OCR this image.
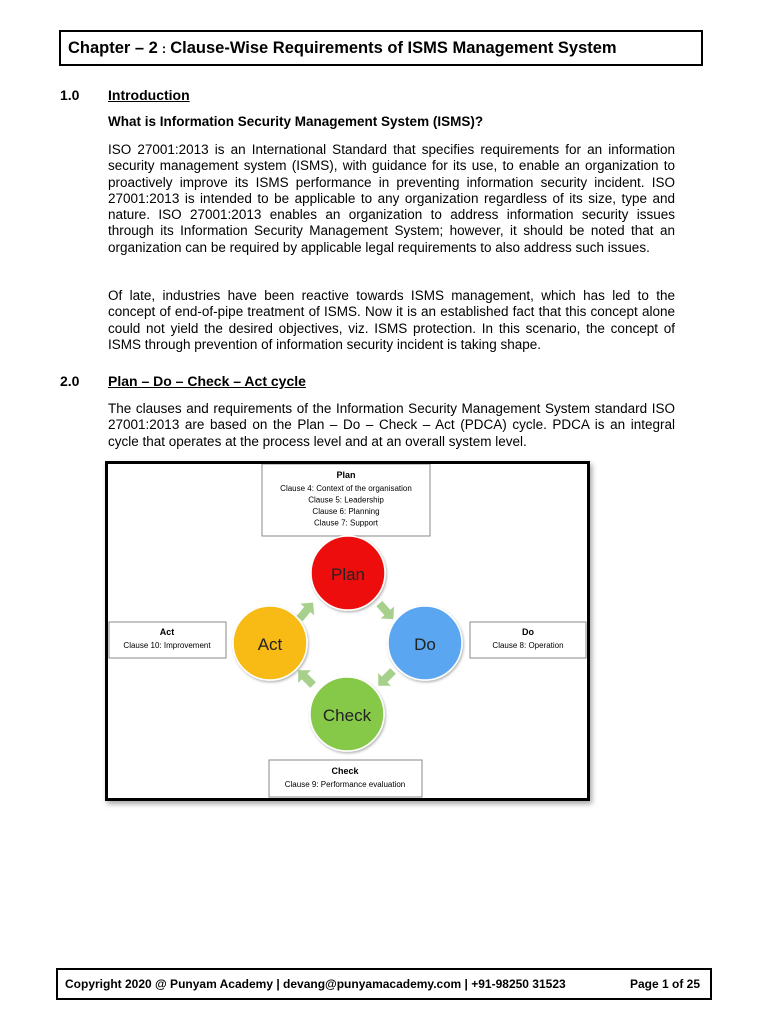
Chapter – 2 : Clause-Wise Requirements of ISMS Management System
1.0 Introduction
What is Information Security Management System (ISMS)?

ISO 27001:2013 is an International Standard that specifies requirements for an information security management system (ISMS), with guidance for its use, to enable an organization to proactively improve its ISMS performance in preventing information security incident. ISO 27001:2013 is intended to be applicable to any organization regardless of its size, type and nature. ISO 27001:2013 enables an organization to address information security issues through its Information Security Management System; however, it should be noted that an organization can be required by applicable legal requirements to also address such issues.

Of late, industries have been reactive towards ISMS management, which has led to the concept of end-of-pipe treatment of ISMS. Now it is an established fact that this concept alone could not yield the desired objectives, viz. ISMS protection. In this scenario, the concept of ISMS through prevention of information security incident is taking shape.

2.0 Plan – Do – Check – Act cycle

The clauses and requirements of the Information Security Management System standard ISO 27001:2013 are based on the Plan – Do – Check – Act (PDCA) cycle. PDCA is an integral cycle that operates at the process level and at an overall system level.

Plan
Clause 4: Context of the organisation
Clause 5: Leadership
Clause 6: Planning
Clause 7: Support
Act
Clause 10: Improvement
Do
Clause 8: Operation
Check
Clause 9: Performance evaluation
Plan
Do
Check
Act
Copyright 2020 @ Punyam Academy | devang@punyamacademy.com | +91-98250 31523	Page 1 of 25
